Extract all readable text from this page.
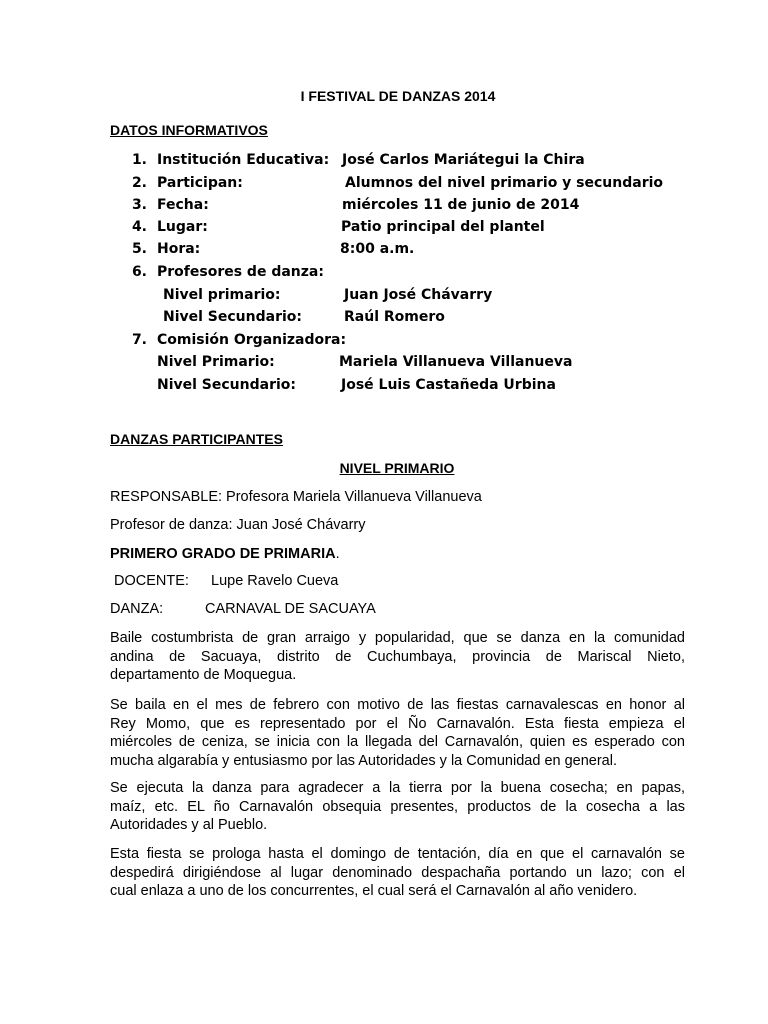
I FESTIVAL DE DANZAS 2014
DATOS INFORMATIVOS
1. Institución Educativa: José Carlos Mariátegui la Chira
2. Participan:	Alumnos del nivel primario y secundario
3. Fecha:	miércoles 11 de junio de 2014
4. Lugar:	Patio principal del plantel
5. Hora:	8:00 a.m.
6. Profesores de danza:
Nivel primario:	Juan José Chávarry
Nivel Secundario:	Raúl Romero
7. Comisión Organizadora:
Nivel Primario:	Mariela Villanueva Villanueva
Nivel Secundario:	José Luis Castañeda Urbina
DANZAS PARTICIPANTES
NIVEL PRIMARIO
RESPONSABLE: Profesora Mariela Villanueva Villanueva
Profesor de danza: Juan José Chávarry
PRIMERO GRADO DE PRIMARIA.
DOCENTE: Lupe Ravelo Cueva
DANZA:	CARNAVAL DE SACUAYA
Baile costumbrista de gran arraigo y popularidad, que se danza en la comunidad
andina de Sacuaya, distrito de Cuchumbaya, provincia de Mariscal Nieto,
departamento de Moquegua.
Se baila en el mes de febrero con motivo de las fiestas carnavalescas en honor al
Rey Momo, que es representado por el Ño Carnavalón. Esta fiesta empieza el
miércoles de ceniza, se inicia con la llegada del Carnavalón, quien es esperado con
mucha algarabía y entusiasmo por las Autoridades y la Comunidad en general.
Se ejecuta la danza para agradecer a la tierra por la buena cosecha; en papas,
maíz, etc. EL ño Carnavalón obsequia presentes, productos de la cosecha a las
Autoridades y al Pueblo.
Esta fiesta se prologa hasta el domingo de tentación, día en que el carnavalón se
despedirá dirigiéndose al lugar denominado despachaña portando un lazo; con el
cual enlaza a uno de los concurrentes, el cual será el Carnavalón al año venidero.
